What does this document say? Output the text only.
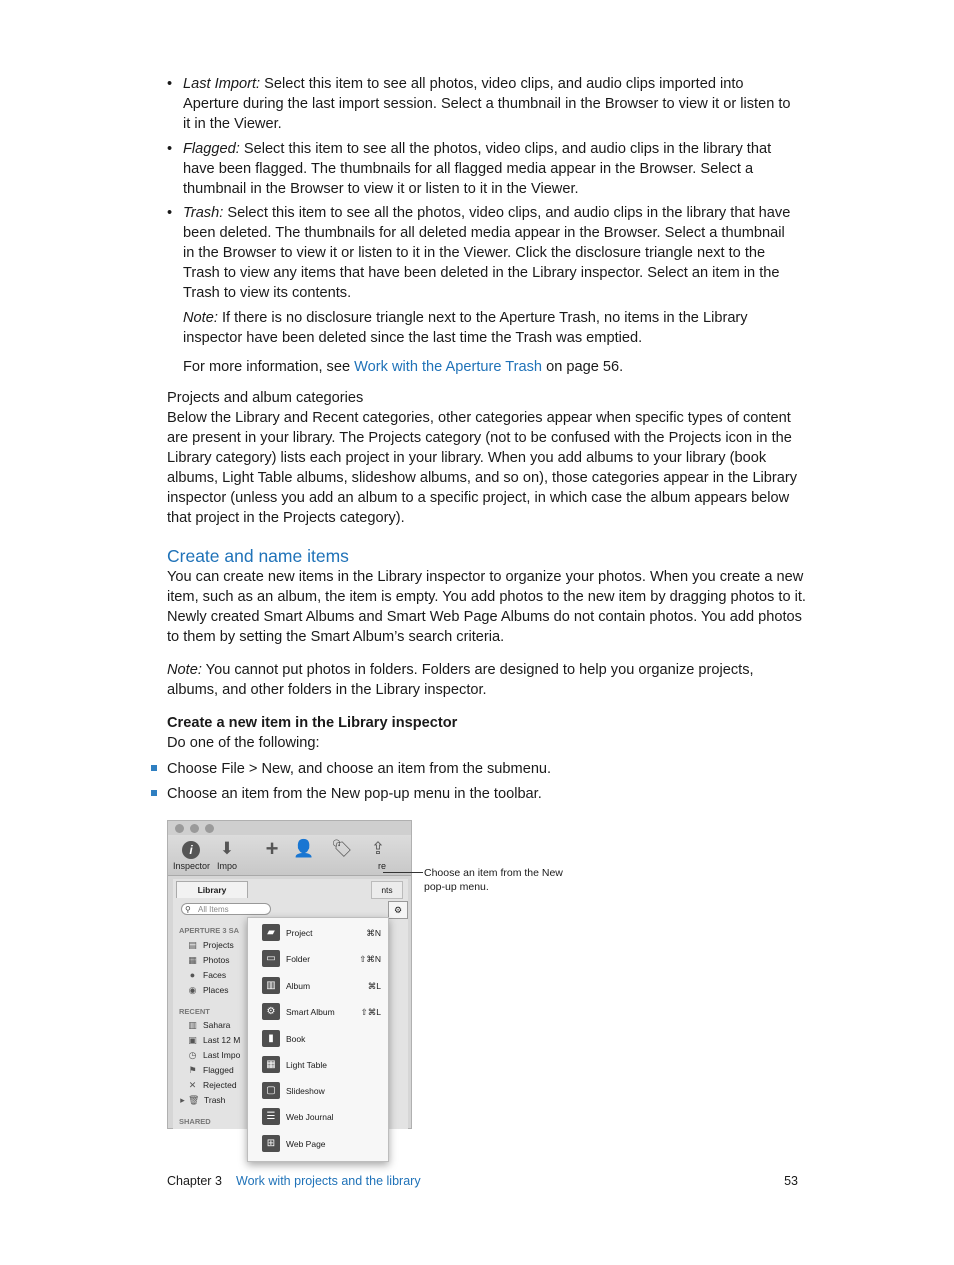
• Last Import: Select this item to see all photos, video clips, and audio clips imported into Aperture during the last import session. Select a thumbnail in the Browser to view it or listen to it in the Viewer.
• Flagged: Select this item to see all the photos, video clips, and audio clips in the library that have been flagged. The thumbnails for all flagged media appear in the Browser. Select a thumbnail in the Browser to view it or listen to it in the Viewer.
• Trash: Select this item to see all the photos, video clips, and audio clips in the library that have been deleted. The thumbnails for all deleted media appear in the Browser. Select a thumbnail in the Browser to view it or listen to it in the Viewer. Click the disclosure triangle next to the Trash to view any items that have been deleted in the Library inspector. Select an item in the Trash to view its contents.
Note: If there is no disclosure triangle next to the Aperture Trash, no items in the Library inspector have been deleted since the last time the Trash was emptied.
For more information, see Work with the Aperture Trash on page 56.
Projects and album categories
Below the Library and Recent categories, other categories appear when specific types of content are present in your library. The Projects category (not to be confused with the Projects icon in the Library category) lists each project in your library. When you add albums to your library (book albums, Light Table albums, slideshow albums, and so on), those categories appear in the Library inspector (unless you add an album to a specific project, in which case the album appears below that project in the Projects category).
Create and name items
You can create new items in the Library inspector to organize your photos. When you create a new item, such as an album, the item is empty. You add photos to the new item by dragging photos to it. Newly created Smart Albums and Smart Web Page Albums do not contain photos. You add photos to them by setting the Smart Album’s search criteria.
Note: You cannot put photos in folders. Folders are designed to help you organize projects, albums, and other folders in the Library inspector.
Create a new item in the Library inspector
Do one of the following:
Choose File > New, and choose an item from the submenu.
Choose an item from the New pop-up menu in the toolbar.
i
Inspector
⬇
Impo
+ 👤 🏷 ⇪
re
Library	nts
⚲ All Items	⚙
APERTURE 3 SA
▤ Projects
▦ Photos
● Faces
◉ Places
RECENT
▥ Sahara
▣ Last 12 M
◷ Last Impo
⚑ Flagged
✕ Rejected
▸ 🗑 Trash
SHARED
▰	Project	⌘N
▭	Folder	⇧⌘N
▥	Album	⌘L
⚙	Smart Album	⇧⌘L
▮	Book
▦	Light Table
▢	Slideshow
☰	Web Journal
⊞	Web Page
Choose an item from the New pop-up menu.
Chapter 3 Work with projects and the library	53
